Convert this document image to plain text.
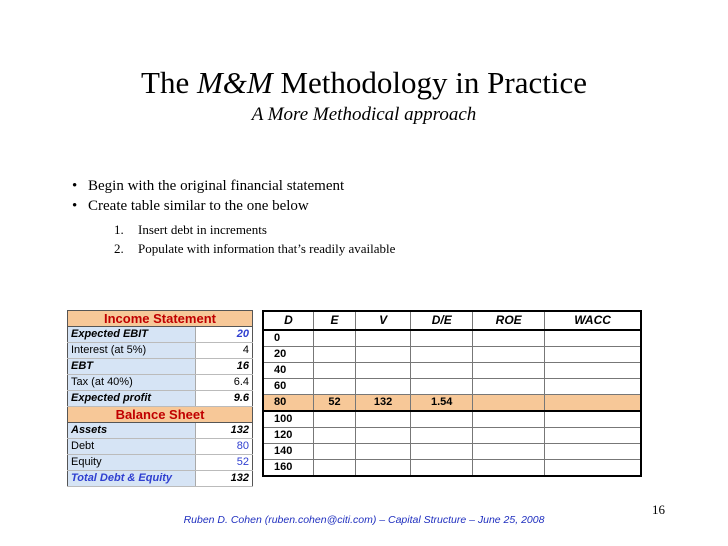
The M&M Methodology in Practice
A More Methodical approach
• Begin with the original financial statement
• Create table similar to the one below
1. Insert debt in increments
2. Populate with information that’s readily available
Income Statement	
Expected EBIT	20
Interest (at 5%)	4
EBT	16
Tax (at 40%)	6.4
Expected profit	9.6
Balance Sheet	
Assets	132
Debt	80
Equity	52
Total Debt & Equity	132
D	E	V	D/E	ROE	WACC
0					
20					
40					
60					
80	52	132	1.54		
100					
120					
140					
160					
16
Ruben D. Cohen (ruben.cohen@citi.com) – Capital Structure – June 25, 2008
